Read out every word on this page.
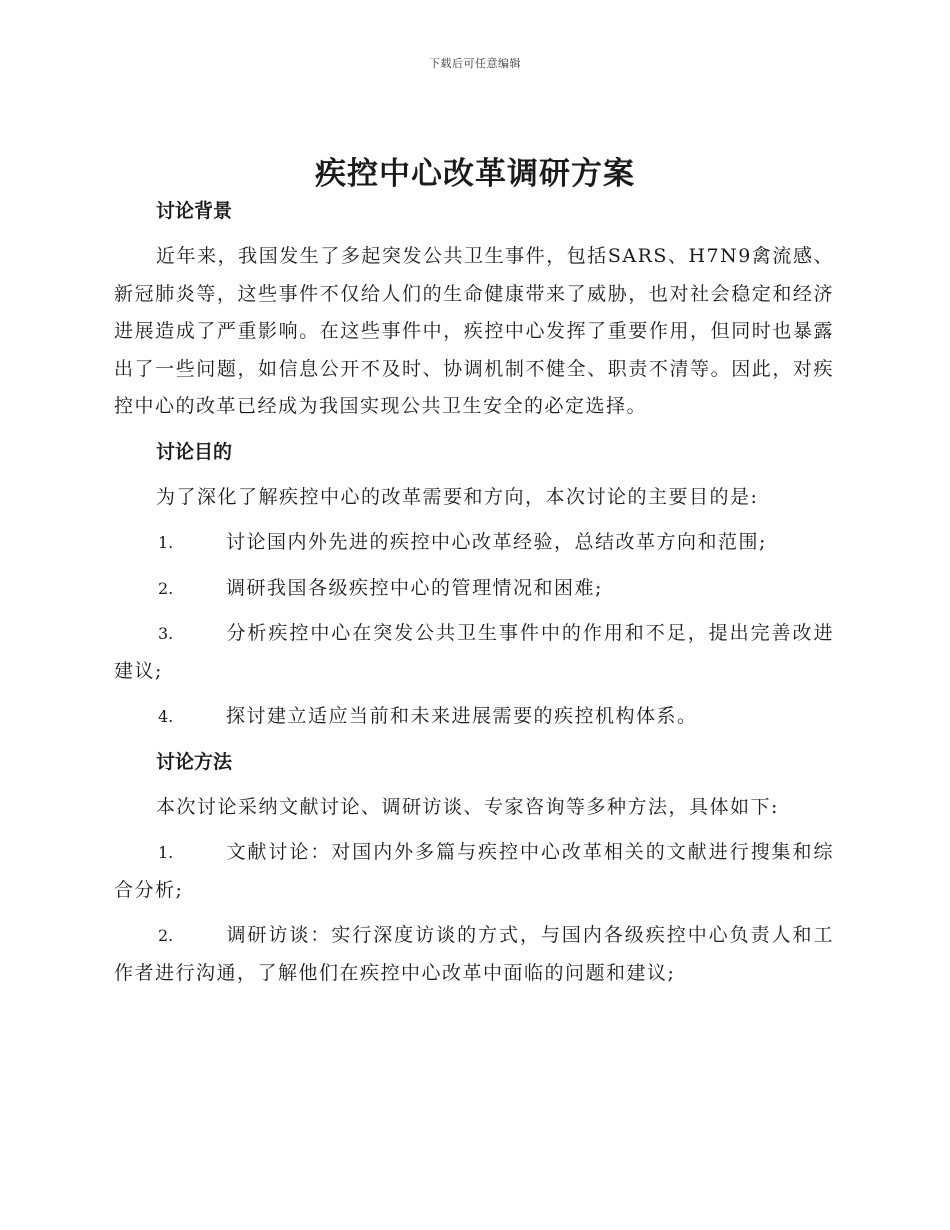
下载后可任意编辑
疾控中心改革调研方案
讨论背景

近年来，我国发生了多起突发公共卫生事件，包括SARS、H7N9禽流感、新冠肺炎等，这些事件不仅给人们的生命健康带来了威胁，也对社会稳定和经济进展造成了严重影响。在这些事件中，疾控中心发挥了重要作用，但同时也暴露出了一些问题，如信息公开不及时、协调机制不健全、职责不清等。因此，对疾控中心的改革已经成为我国实现公共卫生安全的必定选择。

讨论目的

为了深化了解疾控中心的改革需要和方向，本次讨论的主要目的是:

1.	讨论国内外先进的疾控中心改革经验，总结改革方向和范围;

2.	调研我国各级疾控中心的管理情况和困难;

3.	分析疾控中心在突发公共卫生事件中的作用和不足，提出完善改进建议;

4.	探讨建立适应当前和未来进展需要的疾控机构体系。

讨论方法

本次讨论采纳文献讨论、调研访谈、专家咨询等多种方法，具体如下:

1.	文献讨论：对国内外多篇与疾控中心改革相关的文献进行搜集和综合分析;

2.	调研访谈：实行深度访谈的方式，与国内各级疾控中心负责人和工作者进行沟通，了解他们在疾控中心改革中面临的问题和建议;
